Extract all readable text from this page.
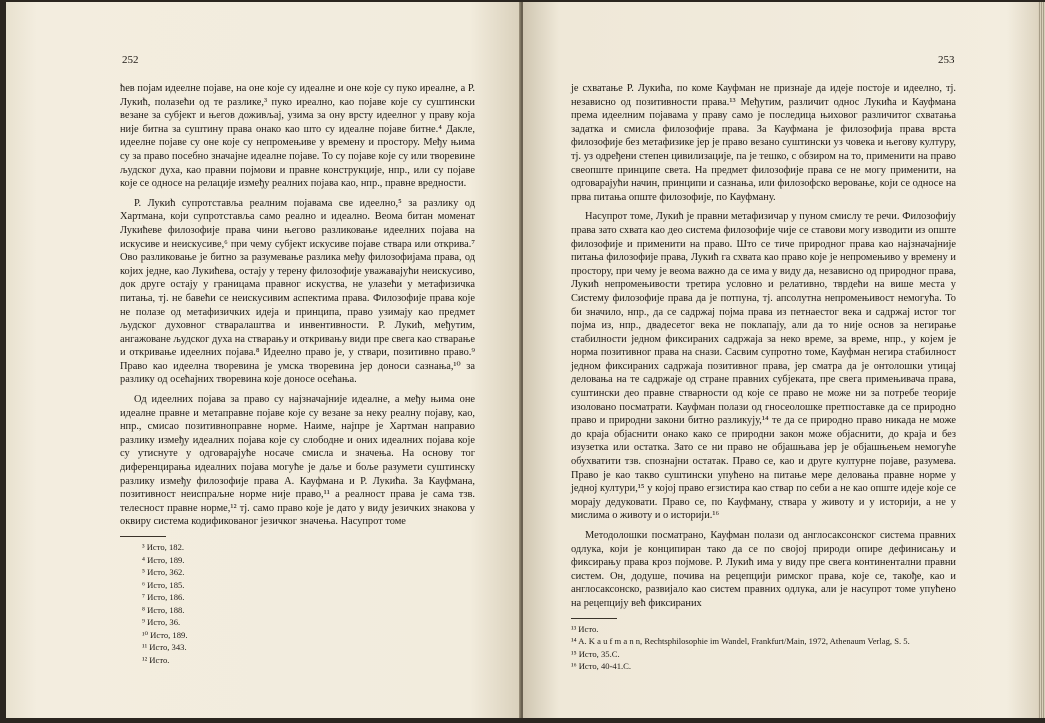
252

ћев појам идеелне појаве, на оне које су идеалне и оне које су пуко иреалне, а Р. Лукић, полазећи од те разлике,³ пуко ирeално, као појаве које су суштински везане за субјект и његов доживљај, узима за ону врсту идеелног у праву која није битна за суштину права онако као што су идеалне појаве битне.⁴ Дакле, идеелне појаве су оне које су непромењиве у времену и простору. Међу њима су за право посебно значајне идеалне појаве. То су појаве које су или творевине људског духа, као правни појмови и правне конструкције, нпр., или су појаве које се односе на релације између реалних појава као, нпр., правне вредности.

Р. Лукић супротставља реалним појавама све идеелно,⁵ за разлику од Хартмана, који супротставља само реално и идеално. Веома битан моменат Лукићеве филозофије права чини његово разликовање идеелних појава на искусиве и неискусиве,⁶ при чему субјект искусиве појаве ствара или открива.⁷ Ово разликовање је битно за разумевање разлика међу филозофијама права, од којих једне, као Лукићева, остају у терену филозофије уважавајући неискусиво, док друге остају у границама правног искуства, не улазећи у метафизичка питања, тј. не бавећи се неискусивим аспектима права. Филозофије права које не полазе од метафизичких идеја и принципа, право узимају као предмет људског духовног стваралаштва и инвентивности. Р. Лукић, међутим, ангажоване људског духа на стварању и откривању види пре свега као стварање и откривање идеелних појава.⁸ Идеелно право је, у ствари, позитивно право.⁹ Право као идеелна творевина је умска творевина јер доноси сазнања,¹⁰ за разлику од осећајних творевина које доносе осећања.

Од идеелних појава за право су најзначајније идеалне, а међу њима оне идеалне правне и метаправне појаве које су везане за неку реалну појаву, као, нпр., смисао позитивноправне норме. Наиме, најпре је Хартман направио разлику између идеалних појава које су слободне и оних идеалних појава које су утиснуте у одговарајуће носаче смисла и значења. На основу тог диференцирања идеалних појава могуће је даље и боље разумети суштинску разлику између филозофије права А. Кауфмана и Р. Лукића. За Кауфмана, позитивност неиспраљне норме није право,¹¹ а реалност права је сама тзв. телесност правне норме,¹² тј. само право које је дато у виду језичких знакова у оквиру система кодификованог језичког значења. Насупрот томе

³ Исто, 182.
⁴ Исто, 189.
⁵ Исто, 362.
⁶ Исто, 185.
⁷ Исто, 186.
⁸ Исто, 188.
⁹ Исто, 36.
¹⁰ Исто, 189.
¹¹ Исто, 343.
¹² Исто.
253

је схватање Р. Лукића, по коме Кауфман не признаје да идеје постоје и идеелно, тј. независно од позитивности права.¹³ Међутим, различит однос Лукића и Кауфмана према идеелним појавама у праву само је последица њиховог различитог схватања задатка и смисла филозофије права. За Кауфмана је филозофија права врста филозофије без метафизике јер је право везано суштински уз човека и његову културу, тј. уз одређени степен цивилизације, па је тешко, с обзиром на то, применити на право свеопште принципе света. На предмет филозофије права се не могу применити, на одговарајући начин, принципи и сазнања, или филозофско веровање, који се односе на прва питања опште филозофије, по Кауфману.

Насупрот томе, Лукић је правни метафизичар у пуном смислу те речи. Филозофију права зато схвата као део система филозофије чије се ставови могу изводити из опште филозофије и применити на право. Што се тиче природног права као најзначајније питања филозофије права, Лукић га схвата као право које је непромењиво у времену и простору, при чему је веома важно да се има у виду да, независно од природног права, Лукић непромењивости третира условно и релативно, тврдећи на више места у Систему филозофије права да је потпуна, тј. апсолутна непромењивост немогућа. То би значило, нпр., да се садржај појма права из петнаестог века и садржај истог тог појма из, нпр., двадесетог века не поклапају, али да то није основ за негирање стабилности једном фиксираних садржаја за неко време, за време, нпр., у којем је норма позитивног права на снази. Сасвим супротно томе, Кауфман негира стабилност једном фиксираних садржаја позитивног права, јер сматра да је онтолошки утицај деловања на те садржаје од стране правних субјеката, пре свега примењивача права, суштински део правне стварности од које се право не може ни за потребе теорије изоловано посматрати. Кауфман полази од гносеолошке претпоставке да се природно право и природни закони битно разликују,¹⁴ те да се природно право никада не може до краја објаснити онако како се природни закон може објаснити, до краја и без изузетка или остатка. Зато се ни право не објашњава јер је објашњењем немогуће обухватити тзв. спознајни остатак. Право се, као и друге културне појаве, разумева. Право је као такво суштински упућено на питање мере деловања правне норме у једној култури,¹⁵ у којој право егзистира као ствар по себи а не као опште идеје које се морају дедуковати. Право се, по Кауфману, ствара у животу и у историји, а не у мислима о животу и о историји.¹⁶

Методолошки посматрано, Кауфман полази од англосаксонског система правних одлука, који је конципиран тако да се по својој природи опире дефинисању и фиксирању права кроз појмове. Р. Лукић има у виду пре свега континентални правни систем. Он, додуше, почива на рецепцији римског права, које се, такође, као и англосаксонско, развијало као систем правних одлука, али је насупрот томе упућено на рецепцију већ фиксираних

¹³ Исто.
¹⁴ A. K a u f m a n n, Rechtsphilosophie im Wandel, Frankfurt/Main, 1972, Athenaum Verlag, S. 5.
¹⁵ Исто, 35.С.
¹⁶ Исто, 40-41.С.
